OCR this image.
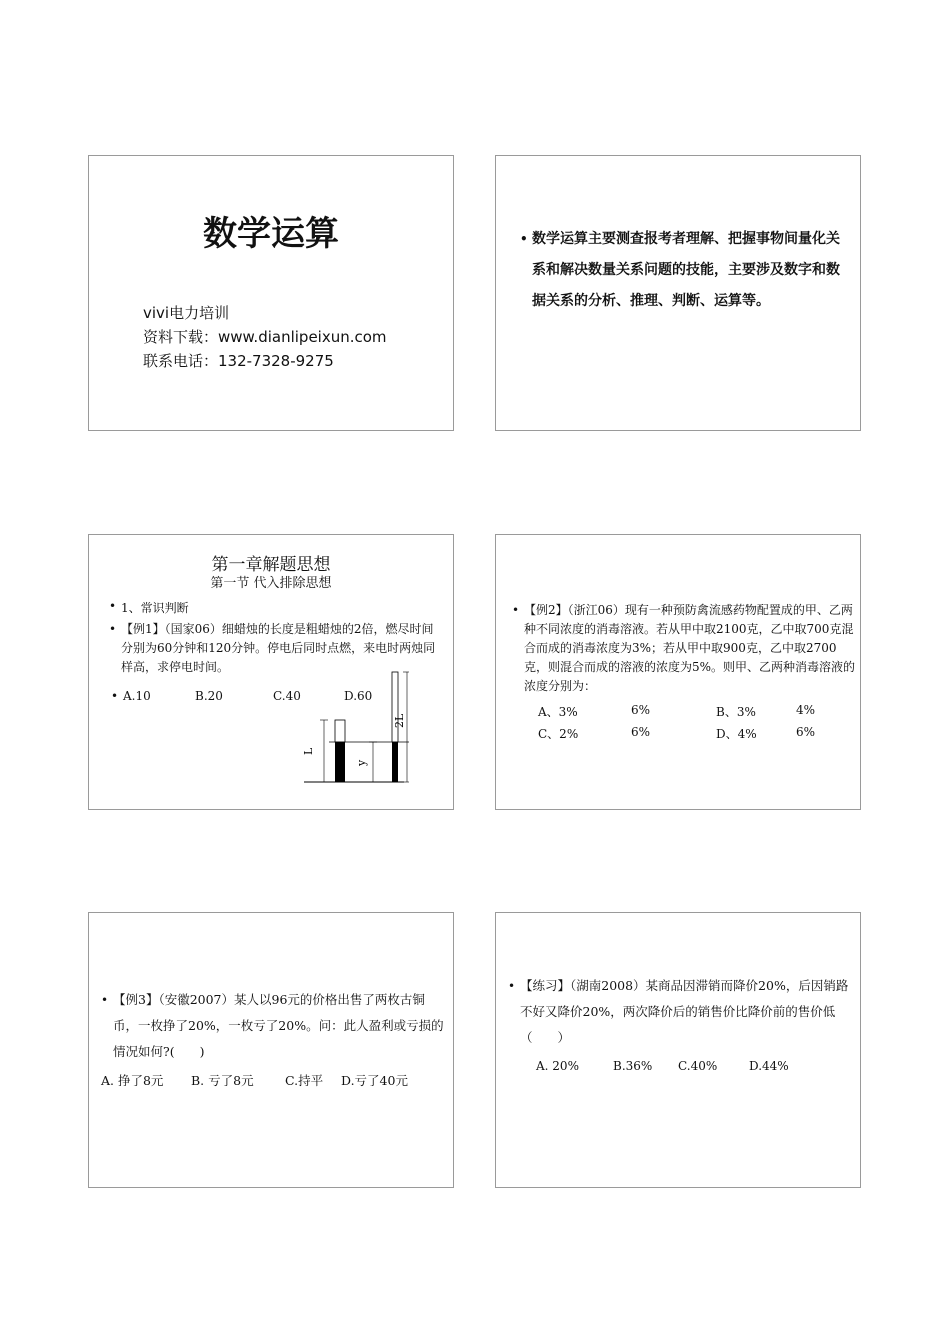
数学运算
vivi电力培训
资料下载：www.dianlipeixun.com
联系电话：132-7328-9275
• 数学运算主要测查报考者理解、把握事物间量化关系和解决数量关系问题的技能，主要涉及数字和数据关系的分析、推理、判断、运算等。
第一章解题思想
第一节 代入排除思想
• 1、常识判断
• 【例1】（国家06）细蜡烛的长度是粗蜡烛的2倍，燃尽时间分别为60分钟和120分钟。停电后同时点燃，来电时两烛同样高，求停电时间。
• A.10	B.20	C.40	D.60
L
y
2L
• 【例2】（浙江06）现有一种预防禽流感药物配置成的甲、乙两种不同浓度的消毒溶液。若从甲中取2100克，乙中取700克混合而成的消毒浓度为3%；若从甲中取900克，乙中取2700克，则混合而成的溶液的浓度为5%。则甲、乙两种消毒溶液的浓度分别为：
A、3%	6%	B、3%	4%
C、2%	6%	D、4%	6%
• 【例3】（安徽2007）某人以96元的价格出售了两枚古铜币，一枚挣了20%，一枚亏了20%。问：此人盈利或亏损的情况如何?(　　)
A. 挣了8元 B. 亏了8元	C.持平 D.亏了40元
• 【练习】（湖南2008）某商品因滞销而降价20%，后因销路不好又降价20%，两次降价后的销售价比降价前的售价低（　　）
A. 20%	B.36% C.40%	D.44%
